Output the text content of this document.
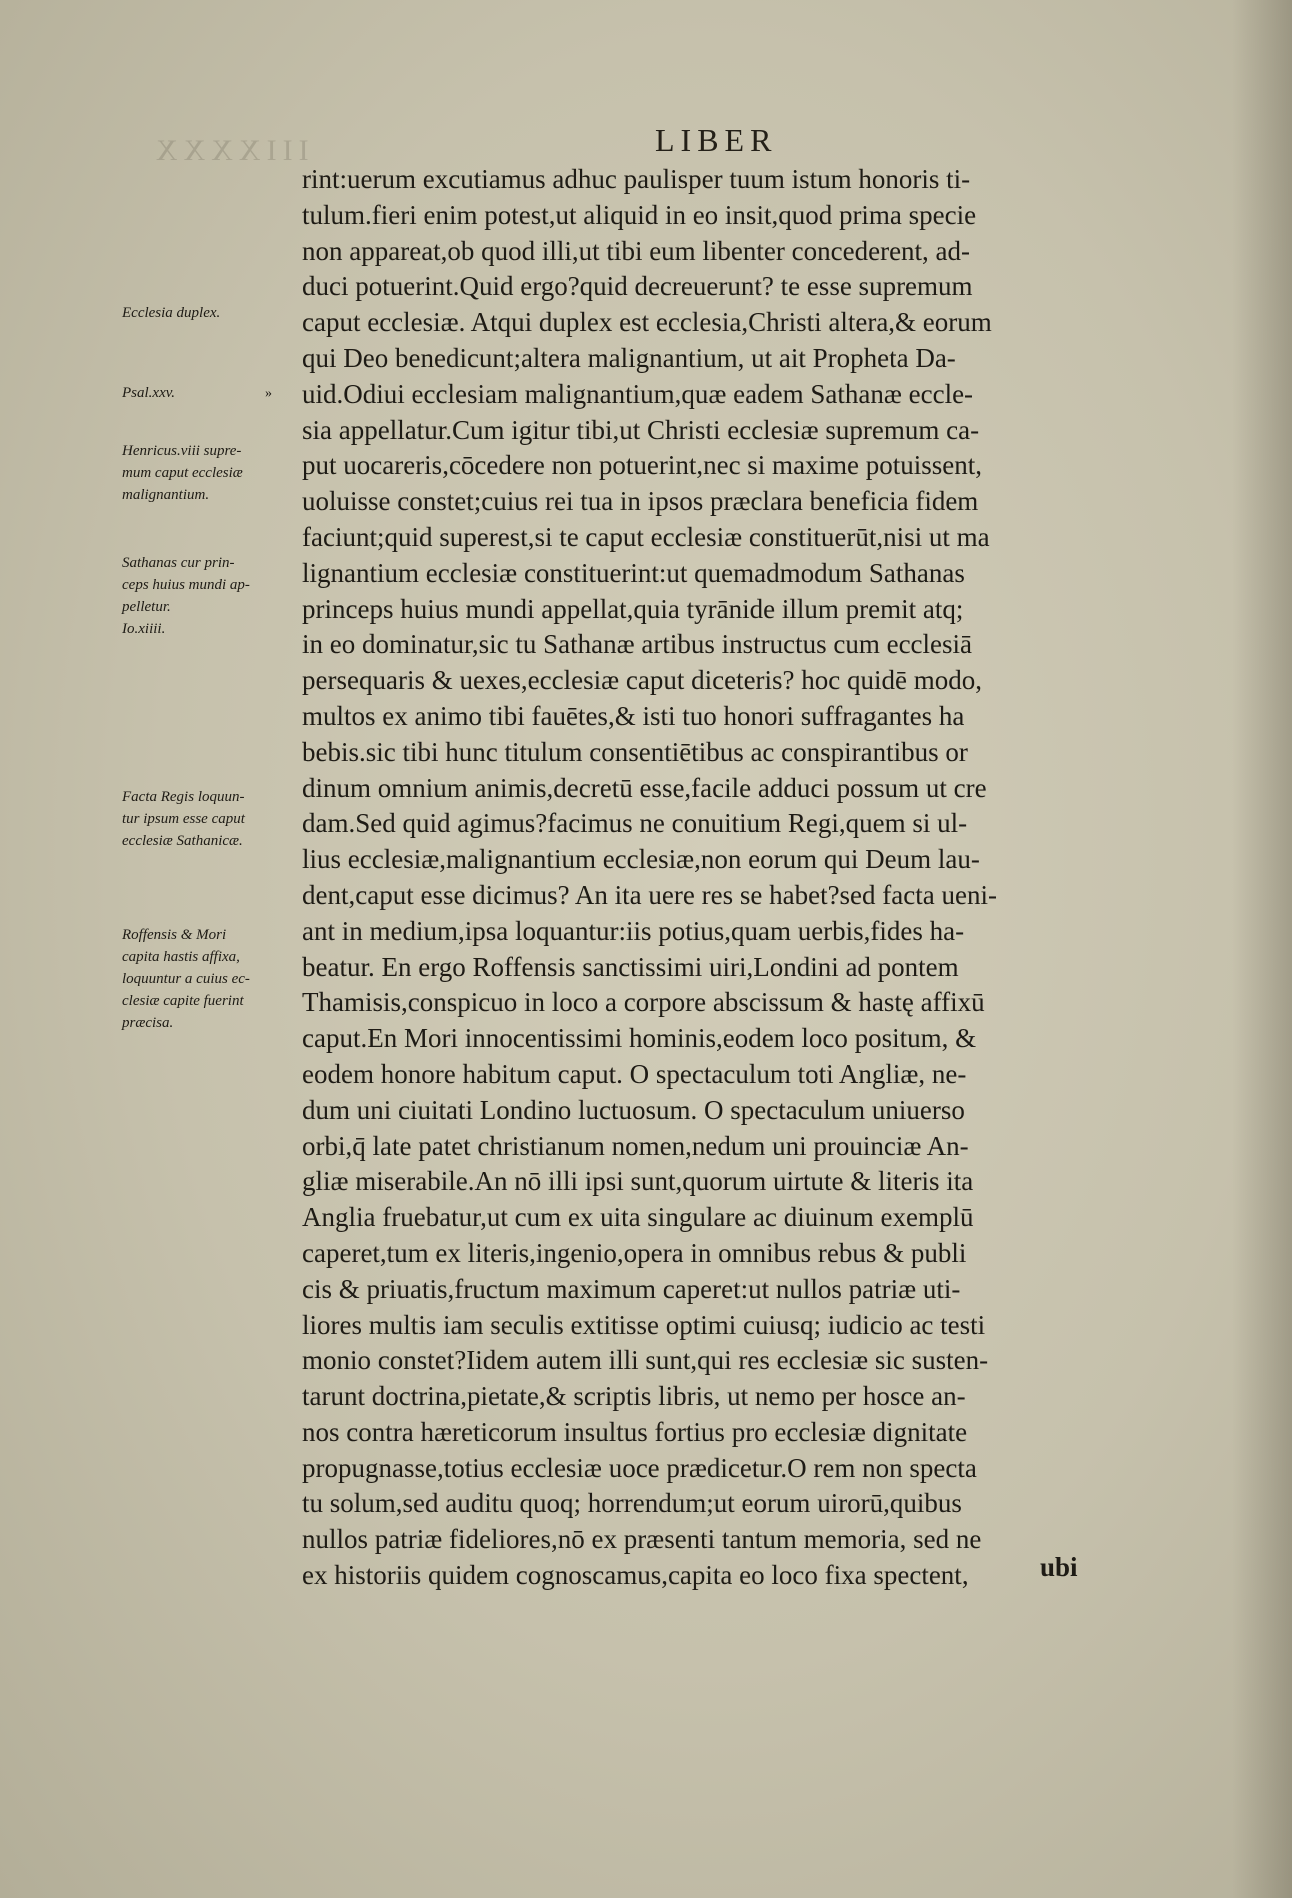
IIIXXXX	LIBER
Ecclesia duplex.
Psal.xxv.	»
Henricus.viii supre-
mum caput ecclesiæ
malignantium.
Sathanas cur prin-
ceps huius mundi ap-
pelletur.
Io.xiiii.
Facta Regis loquun-
tur ipsum esse caput
ecclesiæ Sathanicæ.
Roffensis & Mori
capita hastis affixa,
loquuntur a cuius ec-
clesiæ capite fuerint
præcisa.
rint:uerum excutiamus adhuc paulisper tuum istum honoris ti-
tulum.fieri enim potest,ut aliquid in eo insit,quod prima specie
non appareat,ob quod illi,ut tibi eum libenter concederent, ad-
duci potuerint.Quid ergo?quid decreuerunt? te esse supremum
caput ecclesiæ. Atqui duplex est ecclesia,Christi altera,& eorum
qui Deo benedicunt;altera malignantium, ut ait Propheta Da-
uid.Odiui ecclesiam malignantium,quæ eadem Sathanæ eccle-
sia appellatur.Cum igitur tibi,ut Christi ecclesiæ supremum ca-
put uocareris,cōcedere non potuerint,nec si maxime potuissent,
uoluisse constet;cuius rei tua in ipsos præclara beneficia fidem
faciunt;quid superest,si te caput ecclesiæ constituerūt,nisi ut ma
lignantium ecclesiæ constituerint:ut quemadmodum Sathanas
princeps huius mundi appellat,quia tyrānide illum premit atq;
in eo dominatur,sic tu Sathanæ artibus instructus cum ecclesiā
persequaris & uexes,ecclesiæ caput diceteris? hoc quidē modo,
multos ex animo tibi fauētes,& isti tuo honori suffragantes ha
bebis.sic tibi hunc titulum consentiētibus ac conspirantibus or
dinum omnium animis,decretū esse,facile adduci possum ut cre
dam.Sed quid agimus?facimus ne conuitium Regi,quem si ul-
lius ecclesiæ,malignantium ecclesiæ,non eorum qui Deum lau-
dent,caput esse dicimus? An ita uere res se habet?sed facta ueni-
ant in medium,ipsa loquantur:iis potius,quam uerbis,fides ha-
beatur. En ergo Roffensis sanctissimi uiri,Londini ad pontem
Thamisis,conspicuo in loco a corpore abscissum & hastę affixū
caput.En Mori innocentissimi hominis,eodem loco positum, &
eodem honore habitum caput. O spectaculum toti Angliæ, ne-
dum uni ciuitati Londino luctuosum. O spectaculum uniuerso
orbi,q̄ late patet christianum nomen,nedum uni prouinciæ An-
gliæ miserabile.An nō illi ipsi sunt,quorum uirtute & literis ita
Anglia fruebatur,ut cum ex uita singulare ac diuinum exemplū
caperet,tum ex literis,ingenio,opera in omnibus rebus & publi
cis & priuatis,fructum maximum caperet:ut nullos patriæ uti-
liores multis iam seculis extitisse optimi cuiusq; iudicio ac testi
monio constet?Iidem autem illi sunt,qui res ecclesiæ sic susten-
tarunt doctrina,pietate,& scriptis libris, ut nemo per hosce an-
nos contra hæreticorum insultus fortius pro ecclesiæ dignitate
propugnasse,totius ecclesiæ uoce prædicetur.O rem non specta
tu solum,sed auditu quoq; horrendum;ut eorum uirorū,quibus
nullos patriæ fideliores,nō ex præsenti tantum memoria, sed ne
ex historiis quidem cognoscamus,capita eo loco fixa spectent,	ubi
